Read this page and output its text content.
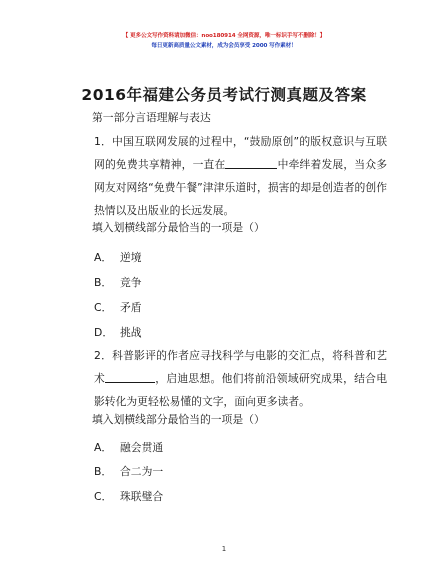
【 更多公文写作资料请加微信：noo180914 全网资源，唯一标识手写不删除！】
每日更新高质量公文素材，成为会员享受 2000 写作素材！
2016年福建公务员考试行测真题及答案
第一部分言语理解与表达
1．中国互联网发展的过程中，“鼓励原创”的版权意识与互联网的免费共享精神，一直在	中牵绊着发展，当众多网友对网络“免费午餐”津津乐道时，损害的却是创造者的创作热情以及出版业的长远发展。
填入划横线部分最恰当的一项是（）
A． 逆境
B． 竞争
C． 矛盾
D． 挑战
2．科普影评的作者应寻找科学与电影的交汇点，将科普和艺术	，启迪思想。他们将前沿领域研究成果，结合电影转化为更轻松易懂的文字，面向更多读者。
填入划横线部分最恰当的一项是（）
A． 融会贯通
B． 合二为一
C． 珠联璧合
1
